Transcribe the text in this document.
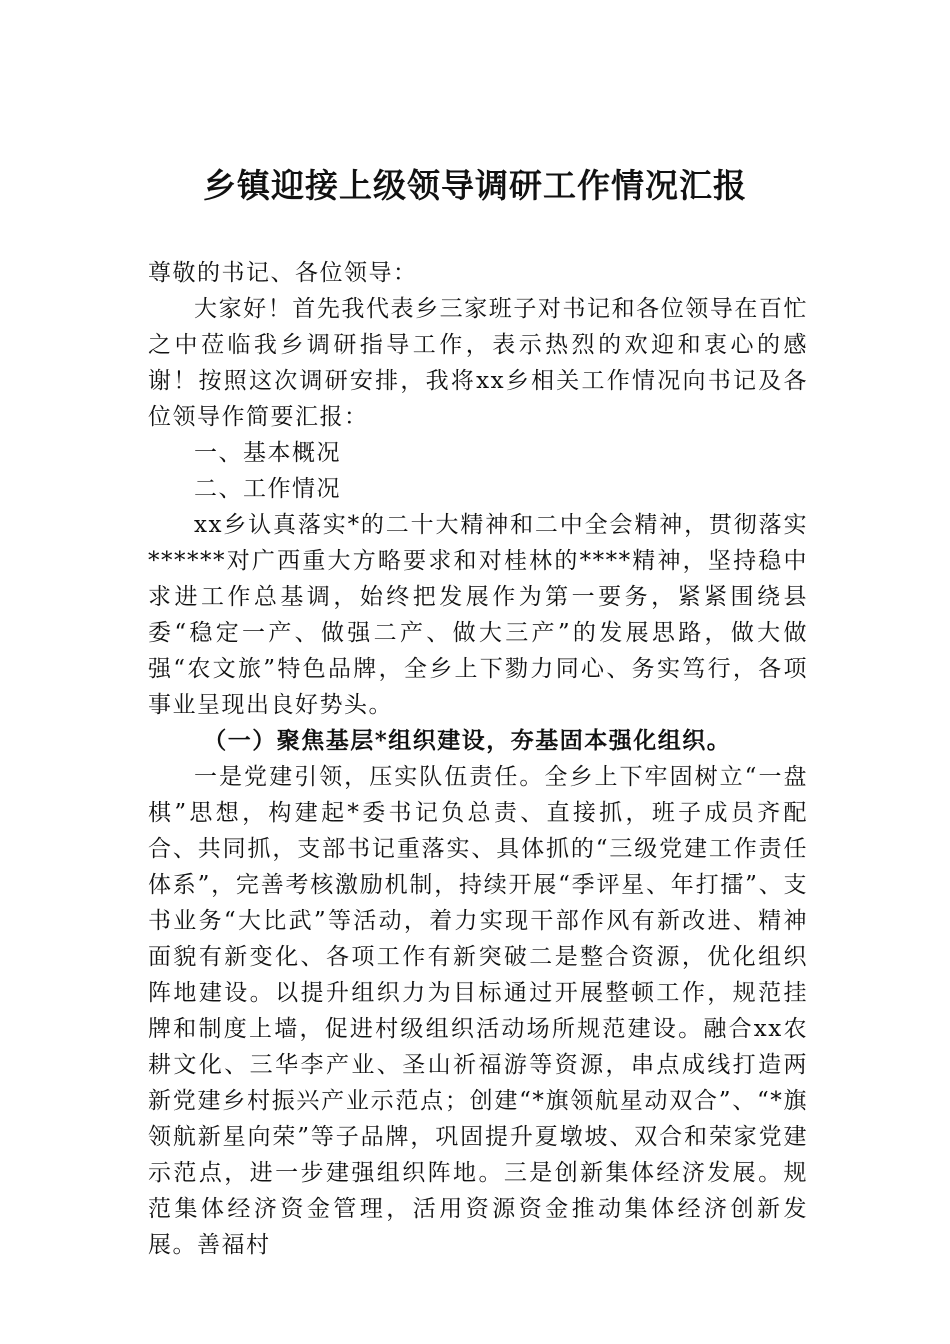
乡镇迎接上级领导调研工作情况汇报

尊敬的书记、各位领导：

大家好！首先我代表乡三家班子对书记和各位领导在百忙之中莅临我乡调研指导工作，表示热烈的欢迎和衷心的感谢！按照这次调研安排，我将xx乡相关工作情况向书记及各位领导作简要汇报：

一、基本概况

二、工作情况

xx乡认真落实*的二十大精神和二中全会精神，贯彻落实******对广西重大方略要求和对桂林的****精神，坚持稳中求进工作总基调，始终把发展作为第一要务，紧紧围绕县委“稳定一产、做强二产、做大三产”的发展思路，做大做强“农文旅”特色品牌，全乡上下勠力同心、务实笃行，各项事业呈现出良好势头。

（一）聚焦基层*组织建设，夯基固本强化组织。

一是党建引领，压实队伍责任。全乡上下牢固树立“一盘棋”思想，构建起*委书记负总责、直接抓，班子成员齐配合、共同抓，支部书记重落实、具体抓的“三级党建工作责任体系”，完善考核激励机制，持续开展“季评星、年打擂”、支书业务“大比武”等活动，着力实现干部作风有新改进、精神面貌有新变化、各项工作有新突破二是整合资源，优化组织阵地建设。以提升组织力为目标通过开展整顿工作，规范挂牌和制度上墙，促进村级组织活动场所规范建设。融合xx农耕文化、三华李产业、圣山祈福游等资源，串点成线打造两新党建乡村振兴产业示范点；创建“*旗领航星动双合”、“*旗领航新星向荣”等子品牌，巩固提升夏墩坡、双合和荣家党建示范点，进一步建强组织阵地。三是创新集体经济发展。规范集体经济资金管理，活用资源资金推动集体经济创新发展。善福村
